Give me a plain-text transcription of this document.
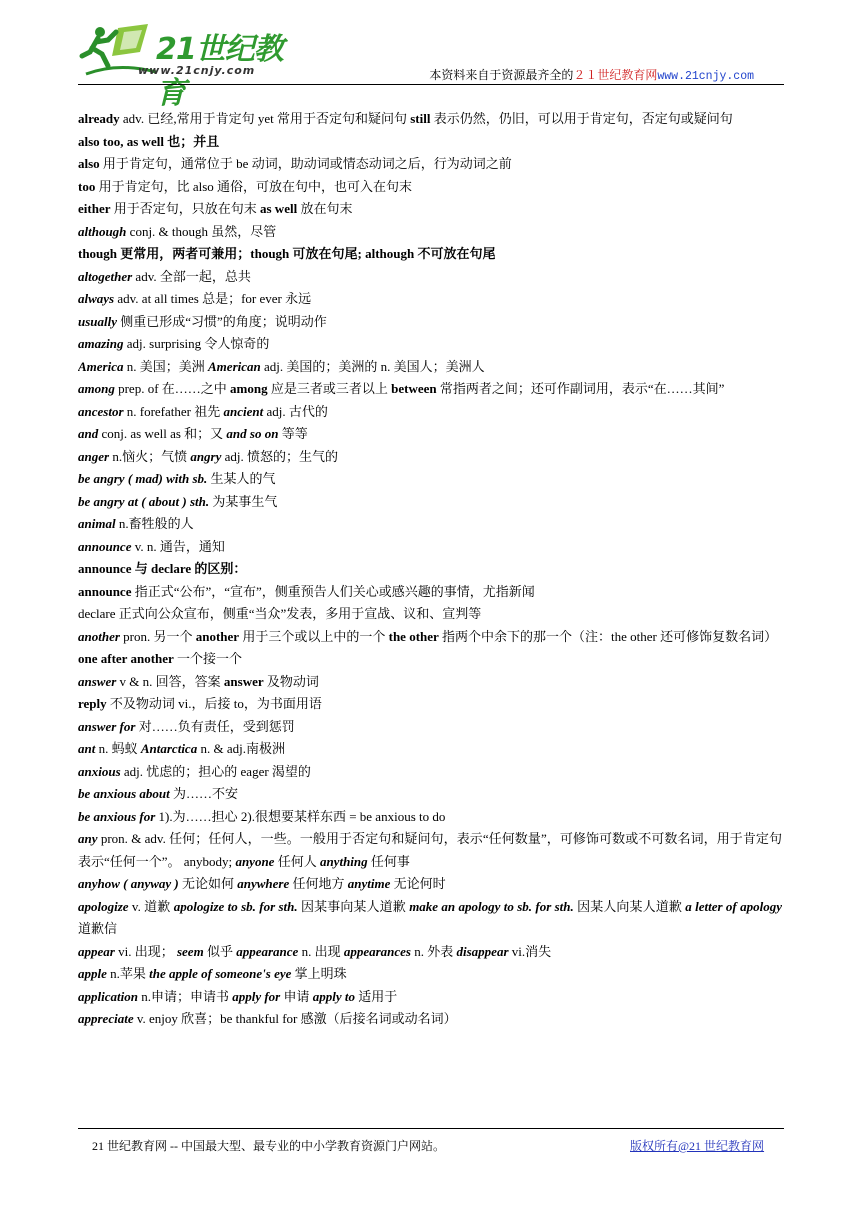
21世纪教育
www.21cnjy.com	本资料来自于资源最齐全的２１世纪教育网www.21cnjy.com
already adv. 已经,常用于肯定句 yet 常用于否定句和疑问句 still 表示仍然，仍旧，可以用于肯定句，否定句或疑问句
also too, as well 也；并且
also 用于肯定句，通常位于 be 动词，助动词或情态动词之后，行为动词之前
too 用于肯定句，比 also 通俗，可放在句中，也可入在句末
either 用于否定句，只放在句末 as well 放在句末
although conj. & though 虽然，尽管
though 更常用，两者可兼用；though 可放在句尾; although 不可放在句尾
altogether adv. 全部一起，总共
always adv. at all times 总是；for ever 永远
usually 侧重已形成“习惯”的角度；说明动作
amazing adj. surprising 令人惊奇的
America n. 美国；美洲 American adj. 美国的；美洲的 n. 美国人；美洲人
among prep. of 在……之中 among 应是三者或三者以上 between 常指两者之间；还可作副词用，表示“在……其间”
ancestor n. forefather 祖先 ancient adj. 古代的
and conj. as well as 和；又 and so on 等等
anger n.恼火；气愤 angry adj. 愤怒的；生气的
be angry ( mad) with sb. 生某人的气
be angry at ( about ) sth. 为某事生气
animal n.畜牲般的人
announce v. n. 通告，通知
announce 与 declare 的区别：
announce 指正式“公布”，“宣布”，侧重预告人们关心或感兴趣的事情，尤指新闻
declare 正式向公众宣布，侧重“当众”发表，多用于宣战、议和、宣判等
another pron. 另一个 another 用于三个或以上中的一个 the other 指两个中余下的那一个（注：the other 还可修饰复数名词）
one after another 一个接一个
answer v & n. 回答，答案 answer 及物动词
reply 不及物动词 vi.，后接 to，为书面用语
answer for 对……负有责任，受到惩罚
ant n. 蚂蚁 Antarctica n. & adj.南极洲
anxious adj. 忧虑的；担心的 eager 渴望的
be anxious about 为……不安
be anxious for 1).为……担心 2).很想要某样东西 = be anxious to do
any pron. & adv. 任何；任何人，一些。一般用于否定句和疑问句，表示“任何数量”，可修饰可数或不可数名词，用于肯定句表示“任何一个”。 anybody; anyone 任何人 anything 任何事
anyhow ( anyway ) 无论如何 anywhere 任何地方 anytime 无论何时
apologize v. 道歉 apologize to sb. for sth. 因某事向某人道歉 make an apology to sb. for sth. 因某人向某人道歉 a letter of apology 道歉信
appear vi. 出现； seem 似乎 appearance n. 出现 appearances n. 外表 disappear vi.消失
apple n.苹果 the apple of someone's eye 掌上明珠
application n.申请；申请书 apply for 申请 apply to 适用于
appreciate v. enjoy 欣喜；be thankful for 感激（后接名词或动名词）
21 世纪教育网 -- 中国最大型、最专业的中小学教育资源门户网站。	版权所有@21 世纪教育网
